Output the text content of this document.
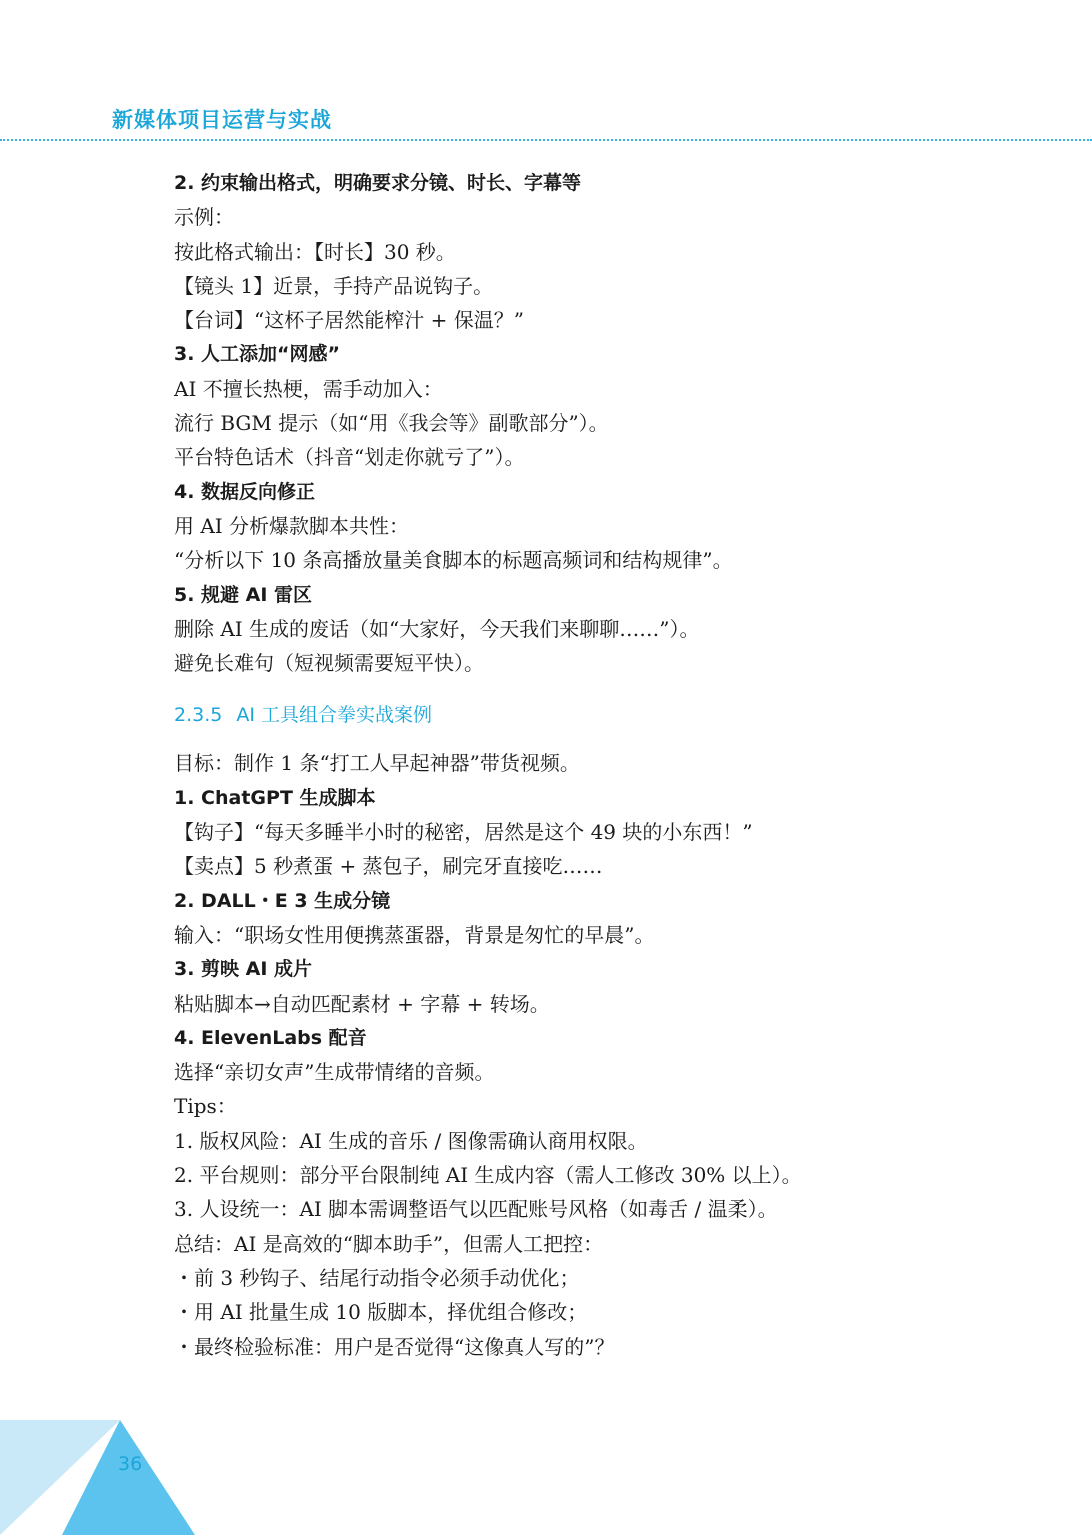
新媒体项目运营与实战
2. 约束输出格式，明确要求分镜、时长、字幕等
示例：
按此格式输出：【时长】30 秒。
【镜头 1】近景，手持产品说钩子。
【台词】“这杯子居然能榨汁 + 保温？”
3. 人工添加“网感”
AI 不擅长热梗，需手动加入：
流行 BGM 提示（如“用《我会等》副歌部分”）。
平台特色话术（抖音“划走你就亏了”）。
4. 数据反向修正
用 AI 分析爆款脚本共性：
“分析以下 10 条高播放量美食脚本的标题高频词和结构规律”。
5. 规避 AI 雷区
删除 AI 生成的废话（如“大家好，今天我们来聊聊……”）。
避免长难句（短视频需要短平快）。
2.3.5 AI 工具组合拳实战案例
目标：制作 1 条“打工人早起神器”带货视频。
1. ChatGPT 生成脚本
【钩子】“每天多睡半小时的秘密，居然是这个 49 块的小东西！”
【卖点】5 秒煮蛋 + 蒸包子，刷完牙直接吃……
2. DALL・E 3 生成分镜
输入：“职场女性用便携蒸蛋器，背景是匆忙的早晨”。
3. 剪映 AI 成片
粘贴脚本→自动匹配素材 + 字幕 + 转场。
4. ElevenLabs 配音
选择“亲切女声”生成带情绪的音频。
Tips：
1. 版权风险：AI 生成的音乐 / 图像需确认商用权限。
2. 平台规则：部分平台限制纯 AI 生成内容（需人工修改 30% 以上）。
3. 人设统一：AI 脚本需调整语气以匹配账号风格（如毒舌 / 温柔）。
总结：AI 是高效的“脚本助手”，但需人工把控：
・前 3 秒钩子、结尾行动指令必须手动优化；
・用 AI 批量生成 10 版脚本，择优组合修改；
・最终检验标准：用户是否觉得“这像真人写的”？
36
